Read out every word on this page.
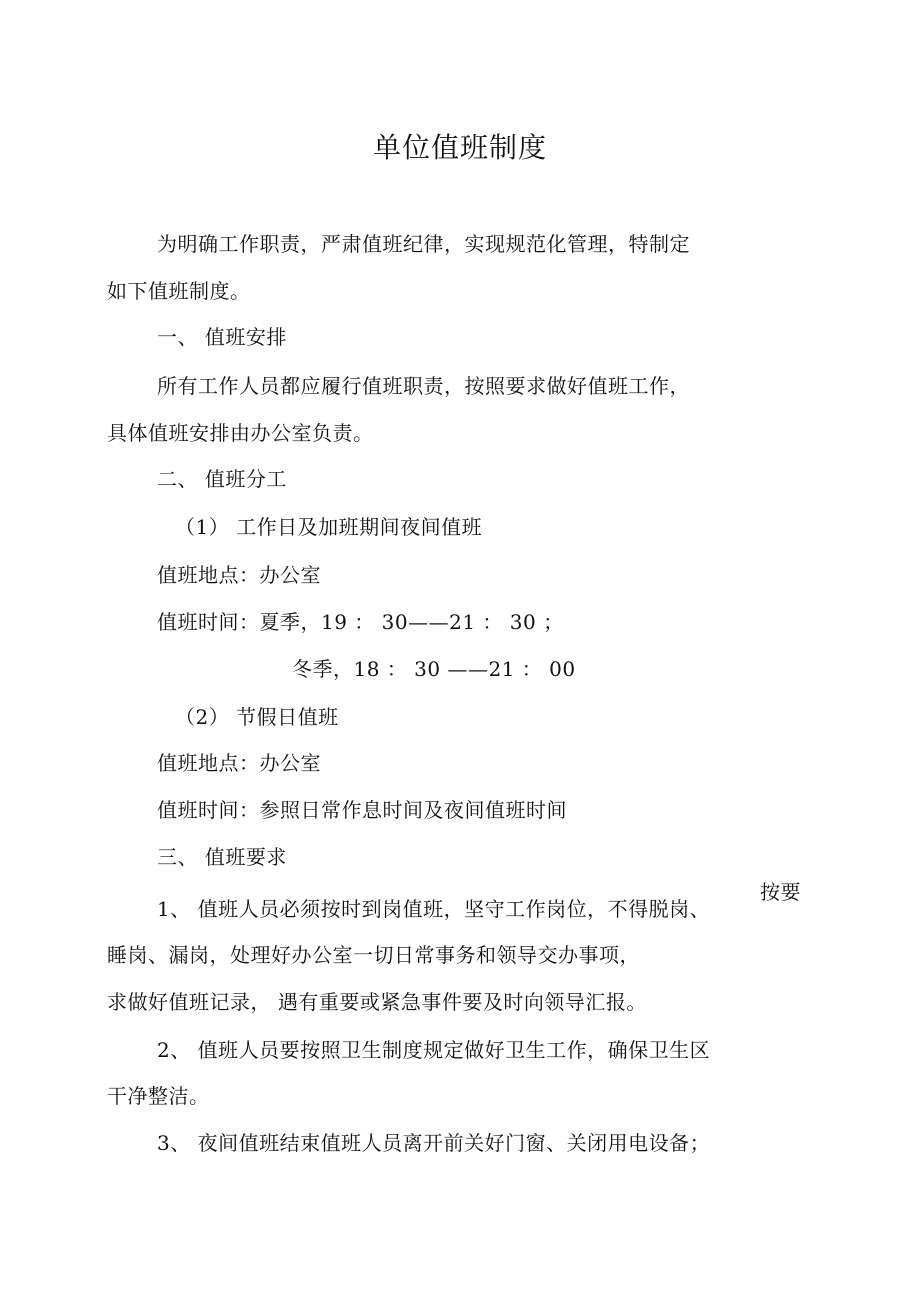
单位值班制度
为明确工作职责，严肃值班纪律，实现规范化管理，特制定
如下值班制度。
一、 值班安排
所有工作人员都应履行值班职责，按照要求做好值班工作，
具体值班安排由办公室负责。
二、 值班分工
（1） 工作日及加班期间夜间值班
值班地点：办公室
值班时间：夏季，19 ： 30——21 ： 30 ；
冬季，18 ： 30 ——21 ： 00
（2） 节假日值班
值班地点：办公室
值班时间：参照日常作息时间及夜间值班时间
三、 值班要求
1、 值班人员必须按时到岗值班，坚守工作岗位，不得脱岗、
按要
睡岗、漏岗，处理好办公室一切日常事务和领导交办事项，
求做好值班记录， 遇有重要或紧急事件要及时向领导汇报。
2、 值班人员要按照卫生制度规定做好卫生工作，确保卫生区
干净整洁。
3、 夜间值班结束值班人员离开前关好门窗、关闭用电设备；
